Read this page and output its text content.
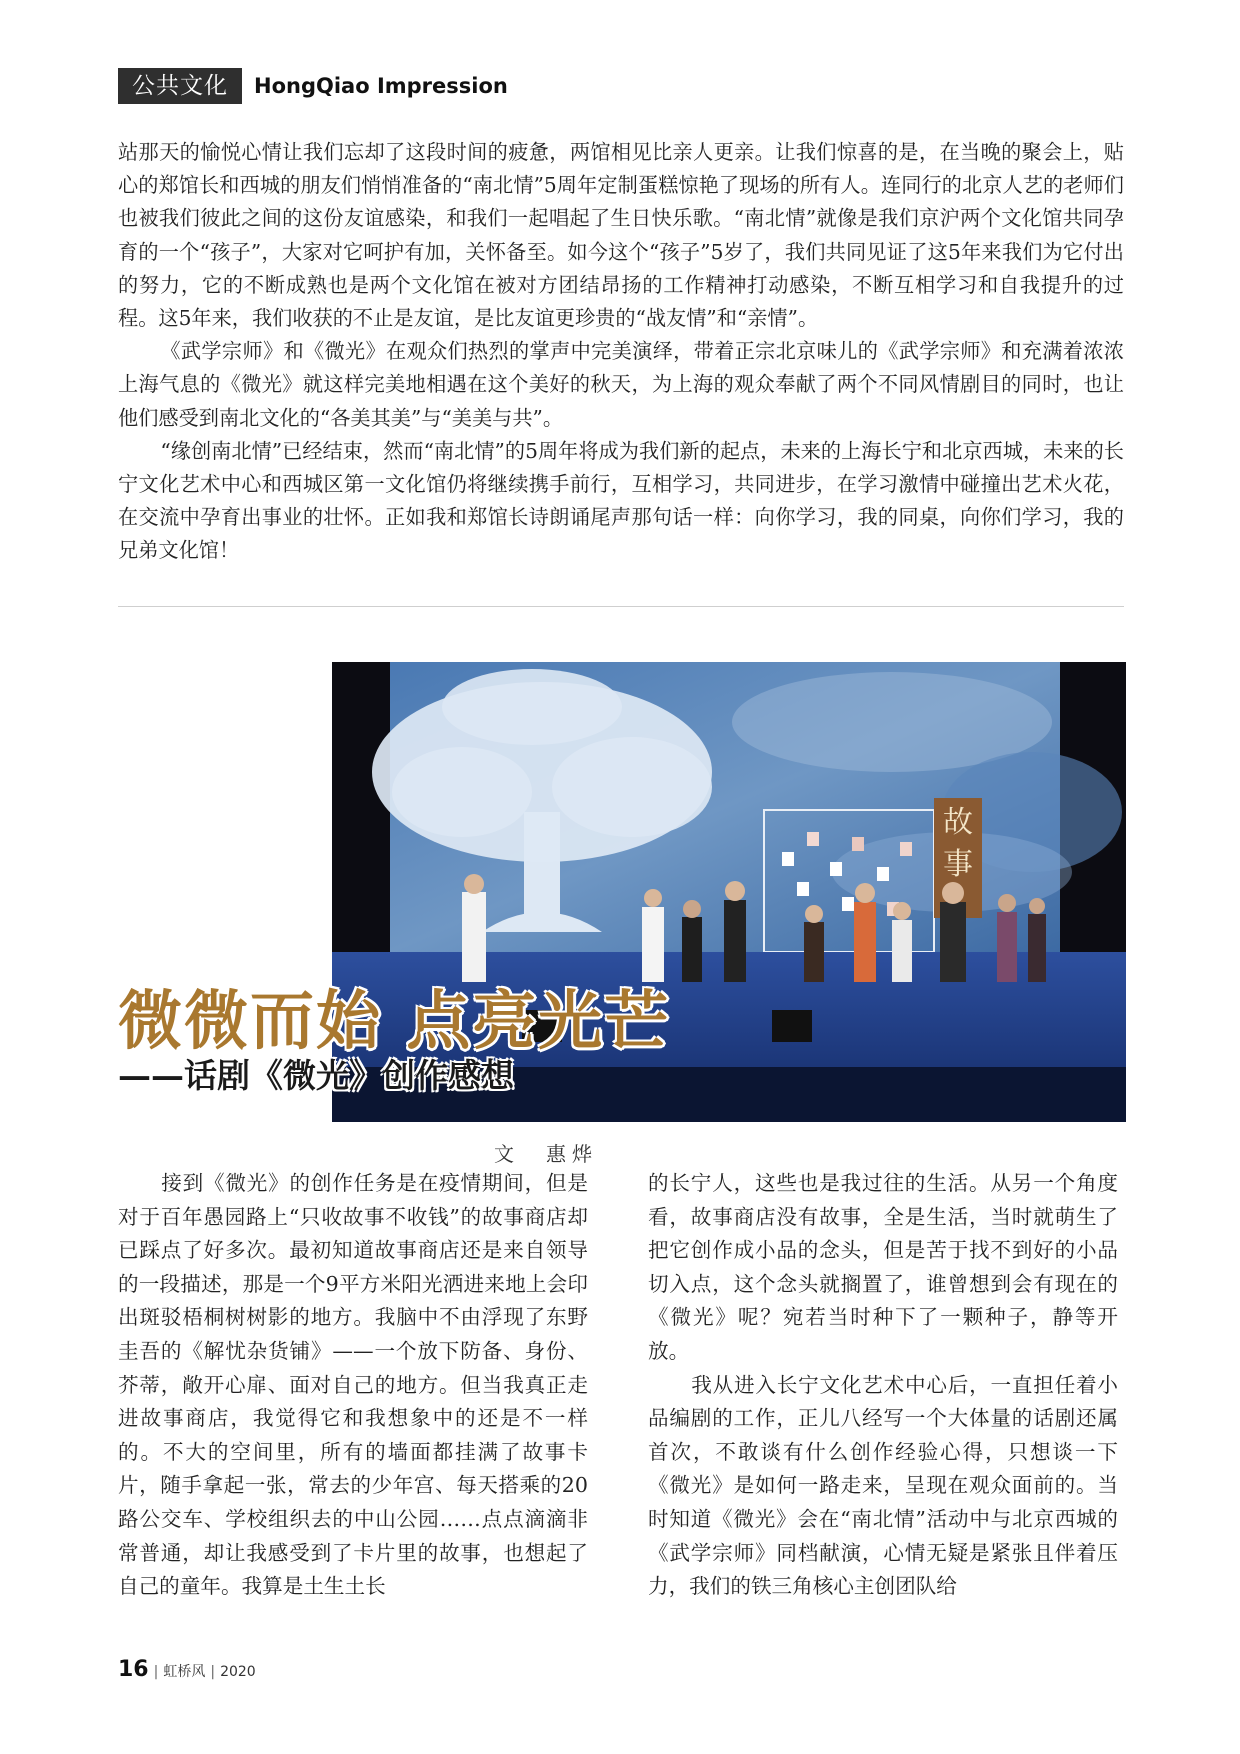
公共文化	HongQiao Impression

站那天的愉悦心情让我们忘却了这段时间的疲惫，两馆相见比亲人更亲。让我们惊喜的是，在当晚的聚会上，贴心的郑馆长和西城的朋友们悄悄准备的“南北情”5周年定制蛋糕惊艳了现场的所有人。连同行的北京人艺的老师们也被我们彼此之间的这份友谊感染，和我们一起唱起了生日快乐歌。“南北情”就像是我们京沪两个文化馆共同孕育的一个“孩子”，大家对它呵护有加，关怀备至。如今这个“孩子”5岁了，我们共同见证了这5年来我们为它付出的努力，它的不断成熟也是两个文化馆在被对方团结昂扬的工作精神打动感染，不断互相学习和自我提升的过程。这5年来，我们收获的不止是友谊，是比友谊更珍贵的“战友情”和“亲情”。

《武学宗师》和《微光》在观众们热烈的掌声中完美演绎，带着正宗北京味儿的《武学宗师》和充满着浓浓上海气息的《微光》就这样完美地相遇在这个美好的秋天，为上海的观众奉献了两个不同风情剧目的同时，也让他们感受到南北文化的“各美其美”与“美美与共”。

“缘创南北情”已经结束，然而“南北情”的5周年将成为我们新的起点，未来的上海长宁和北京西城，未来的长宁文化艺术中心和西城区第一文化馆仍将继续携手前行，互相学习，共同进步，在学习激情中碰撞出艺术火花，在交流中孕育出事业的壮怀。正如我和郑馆长诗朗诵尾声那句话一样：向你学习，我的同桌，向你们学习，我的兄弟文化馆！

故
事
微微而始 点亮光芒
——话剧《微光》创作感想
文　惠烨

接到《微光》的创作任务是在疫情期间，但是对于百年愚园路上“只收故事不收钱”的故事商店却已踩点了好多次。最初知道故事商店还是来自领导的一段描述，那是一个9平方米阳光洒进来地上会印出斑驳梧桐树树影的地方。我脑中不由浮现了东野圭吾的《解忧杂货铺》——一个放下防备、身份、芥蒂，敞开心扉、面对自己的地方。但当我真正走进故事商店，我觉得它和我想象中的还是不一样的。不大的空间里，所有的墙面都挂满了故事卡片，随手拿起一张，常去的少年宫、每天搭乘的20路公交车、学校组织去的中山公园……点点滴滴非常普通，却让我感受到了卡片里的故事，也想起了自己的童年。我算是土生土长

的长宁人，这些也是我过往的生活。从另一个角度看，故事商店没有故事，全是生活，当时就萌生了把它创作成小品的念头，但是苦于找不到好的小品切入点，这个念头就搁置了，谁曾想到会有现在的《微光》呢？宛若当时种下了一颗种子，静等开放。

我从进入长宁文化艺术中心后，一直担任着小品编剧的工作，正儿八经写一个大体量的话剧还属首次，不敢谈有什么创作经验心得，只想谈一下《微光》是如何一路走来，呈现在观众面前的。当时知道《微光》会在“南北情”活动中与北京西城的《武学宗师》同档献演，心情无疑是紧张且伴着压力，我们的铁三角核心主创团队给

16 | 虹桥风 | 2020
